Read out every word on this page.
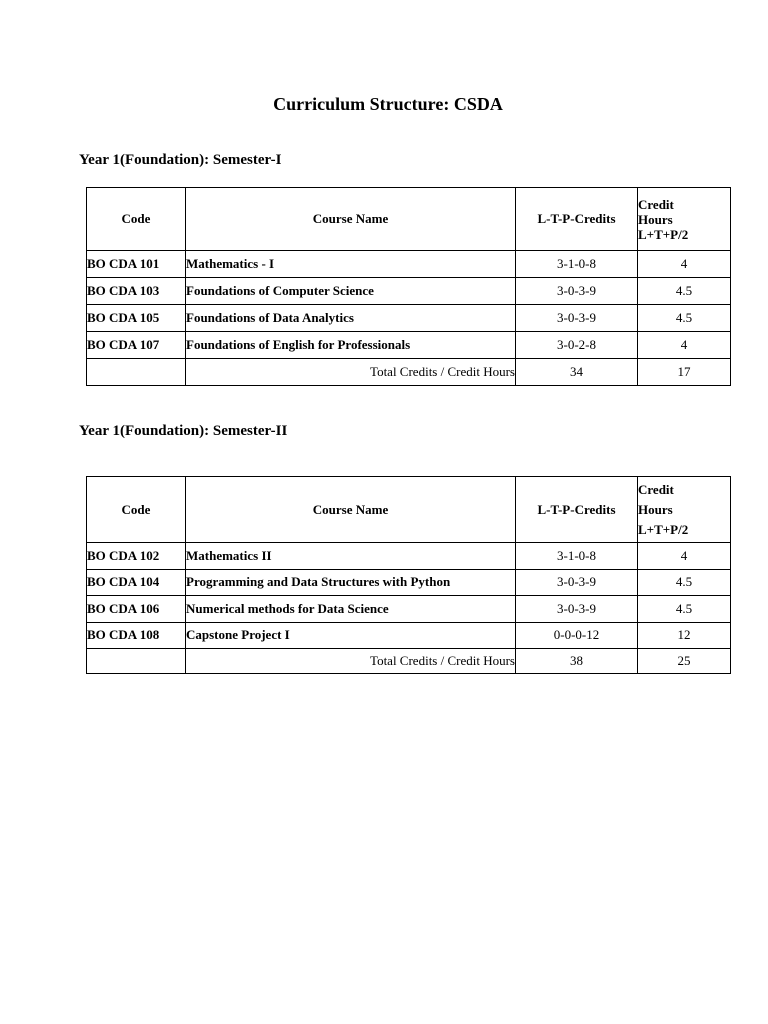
Curriculum Structure: CSDA
Year 1(Foundation): Semester-I
Code	Course Name	L-T-P-Credits	Credit
Hours
L+T+P/2
BO CDA 101	Mathematics - I	3-1-0-8	4
BO CDA 103	Foundations of Computer Science	3-0-3-9	4.5
BO CDA 105	Foundations of Data Analytics	3-0-3-9	4.5
BO CDA 107	Foundations of English for Professionals	3-0-2-8	4
	Total Credits / Credit Hours	34	17
Year 1(Foundation): Semester-II
Code	Course Name	L-T-P-Credits	Credit
Hours
L+T+P/2
BO CDA 102	Mathematics II	3-1-0-8	4
BO CDA 104	Programming and Data Structures with Python	3-0-3-9	4.5
BO CDA 106	Numerical methods for Data Science	3-0-3-9	4.5
BO CDA 108	Capstone Project I	0-0-0-12	12
	Total Credits / Credit Hours	38	25
